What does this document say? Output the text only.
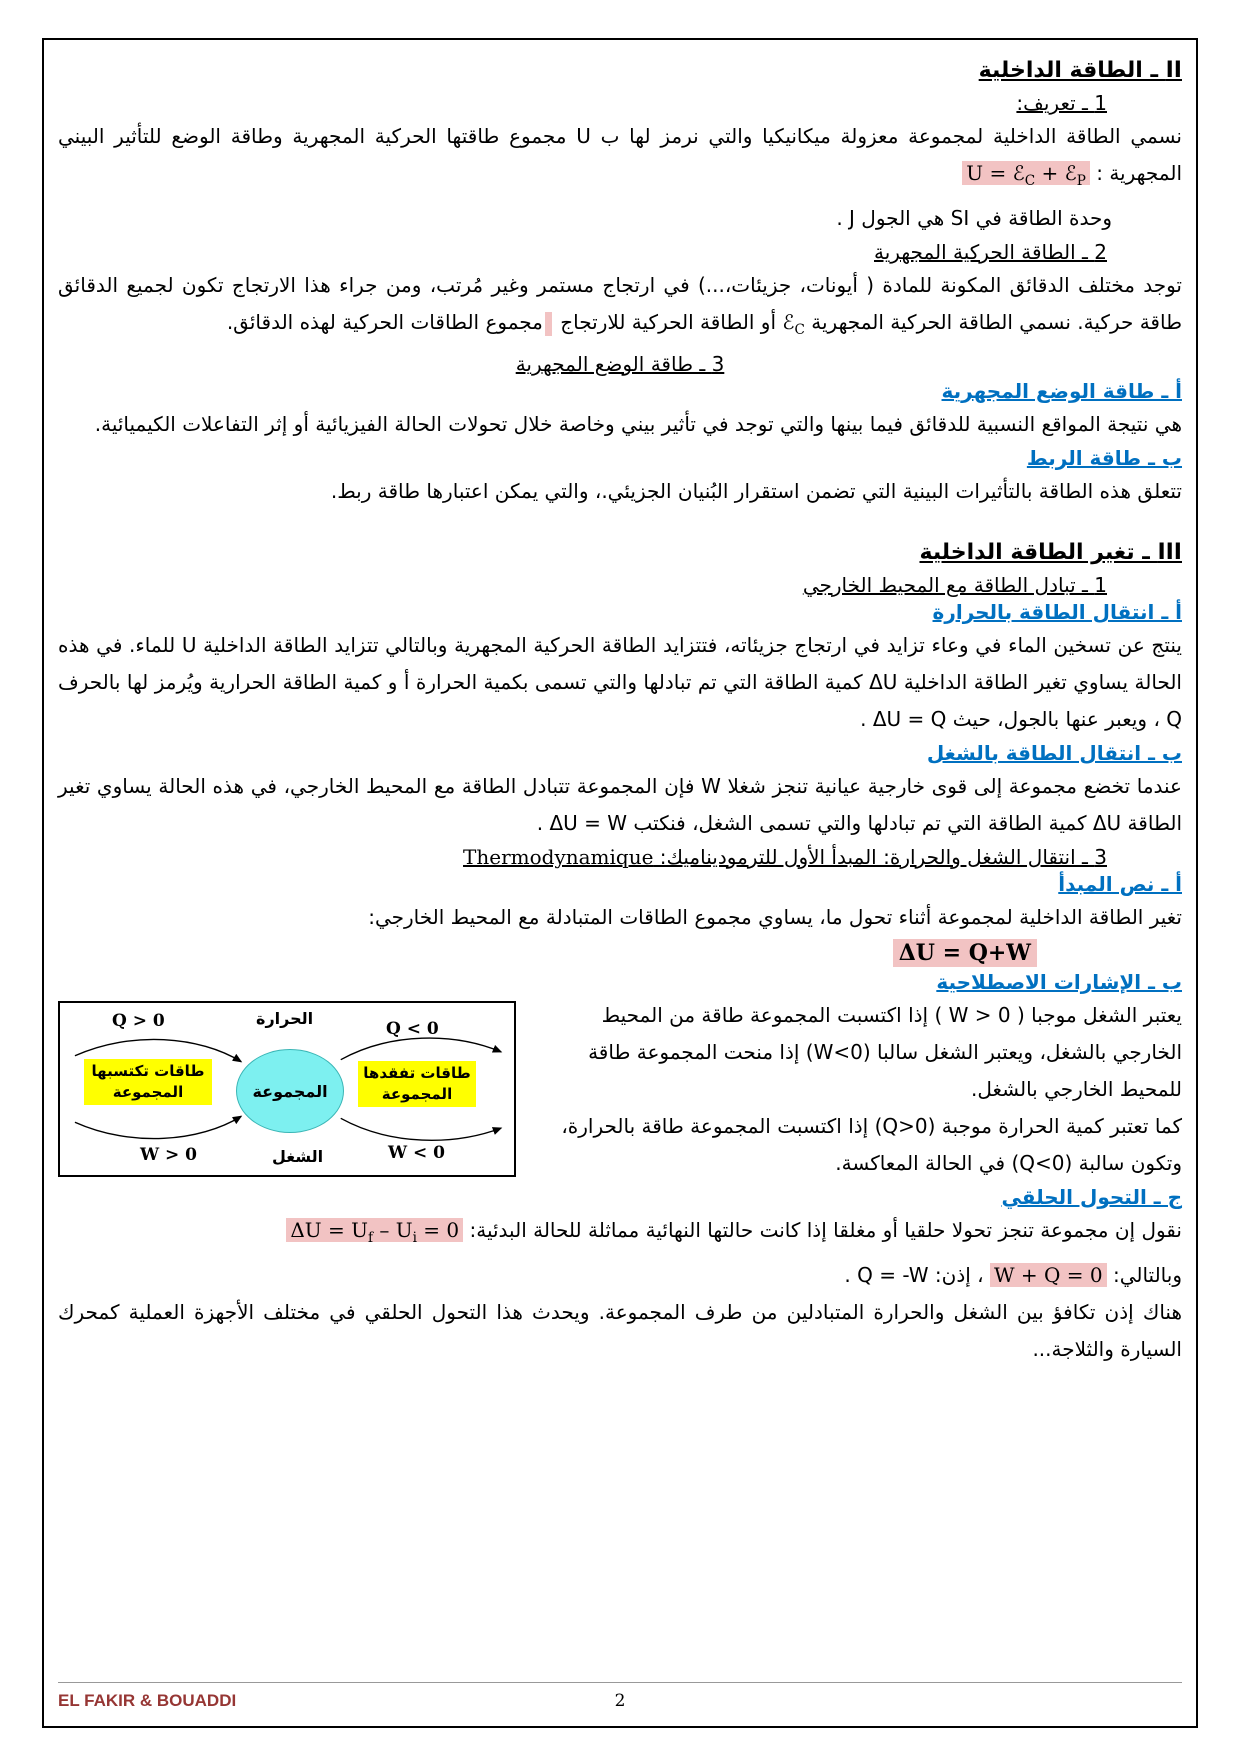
II ـ الطاقة الداخلية
1 ـ تعريف:

نسمي الطاقة الداخلية لمجموعة معزولة ميكانيكيا والتي نرمز لها ب U مجموع طاقتها الحركية المجهرية وطاقة الوضع للتأثير البيني المجهرية : U = ℰ$_C$ + ℰ$_P$

وحدة الطاقة في SI هي الجول J .

2 ـ الطاقة الحركية المجهرية

توجد مختلف الدقائق المكونة للمادة ( أيونات، جزيئات،...) في ارتجاج مستمر وغير مُرتب، ومن جراء هذا الارتجاج تكون لجميع الدقائق طاقة حركية. نسمي الطاقة الحركية المجهرية ℰ$_C$ أو الطاقة الحركية للارتجاج مجموع الطاقات الحركية لهذه الدقائق.

3 ـ طاقة الوضع المجهرية
أ ـ طاقة الوضع المجهرية

هي نتيجة المواقع النسبية للدقائق فيما بينها والتي توجد في تأثير بيني وخاصة خلال تحولات الحالة الفيزيائية أو إثر التفاعلات الكيميائية.

ب ـ طاقة الربط

تتعلق هذه الطاقة بالتأثيرات البينية التي تضمن استقرار البُنيان الجزيئي.، والتي يمكن اعتبارها طاقة ربط.

III ـ تغير الطاقة الداخلية
1 ـ تبادل الطاقة مع المحيط الخارجي
أ ـ انتقال الطاقة بالحرارة

ينتج عن تسخين الماء في وعاء تزايد في ارتجاج جزيئاته، فتتزايد الطاقة الحركية المجهرية وبالتالي تتزايد الطاقة الداخلية U للماء. في هذه الحالة يساوي تغير الطاقة الداخلية ΔU كمية الطاقة التي تم تبادلها والتي تسمى بكمية الحرارة أ و كمية الطاقة الحرارية ويُرمز لها بالحرف Q ، ويعبر عنها بالجول، حيث ΔU = Q .

ب ـ انتقال الطاقة بالشغل

عندما تخضع مجموعة إلى قوى خارجية عيانية تنجز شغلا W فإن المجموعة تتبادل الطاقة مع المحيط الخارجي، في هذه الحالة يساوي تغير الطاقة ΔU كمية الطاقة التي تم تبادلها والتي تسمى الشغل، فنكتب ΔU = W .

3 ـ انتقال الشغل والحرارة: المبدأ الأول للترموديناميك: Thermodynamique
أ ـ نص المبدأ

تغير الطاقة الداخلية لمجموعة أثناء تحول ما، يساوي مجموع الطاقات المتبادلة مع المحيط الخارجي:

ΔU = Q+W
ب ـ الإشارات الاصطلاحية
Q > 0	الحرارة
Q < 0
طاقات تكتسبها المجموعة	المجموعة
طاقات تفقدها المجموعة
W > 0	الشغل	W < 0

يعتبر الشغل موجبا ( W > 0 ) إذا اكتسبت المجموعة طاقة من المحيط الخارجي بالشغل، ويعتبر الشغل سالبا (W<0) إذا منحت المجموعة طاقة للمحيط الخارجي بالشغل.

كما تعتبر كمية الحرارة موجبة (Q>0) إذا اكتسبت المجموعة طاقة بالحرارة، وتكون سالبة (Q<0) في الحالة المعاكسة.

ج ـ التحول الحلقي

نقول إن مجموعة تنجز تحولا حلقيا أو مغلقا إذا كانت حالتها النهائية مماثلة للحالة البدئية: $\Delta U = U_f - U_i = 0$

وبالتالي: W + Q = 0 ، إذن: Q = -W .

هناك إذن تكافؤ بين الشغل والحرارة المتبادلين من طرف المجموعة. ويحدث هذا التحول الحلقي في مختلف الأجهزة العملية كمحرك السيارة والثلاجة...

EL FAKIR & BOUADDI	2
